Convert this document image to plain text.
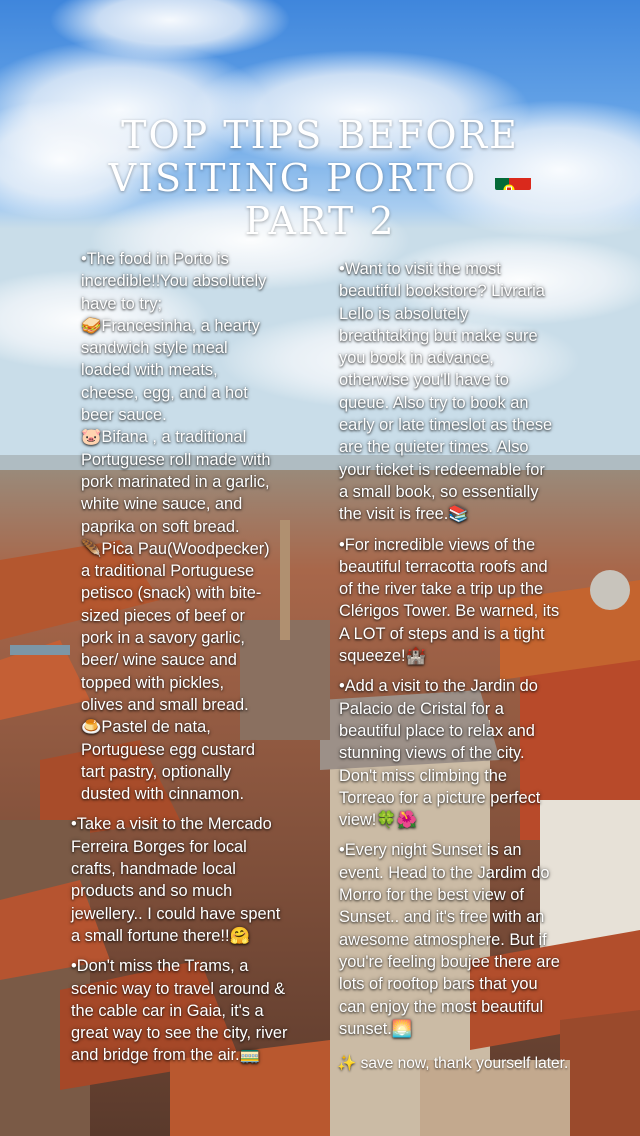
TOP TIPS BEFORE
VISITING PORTO
PART 2

•The food in Porto is
incredible!!You absolutely
have to try;
🥪Francesinha, a hearty
sandwich style meal
loaded with meats,
cheese, egg, and a hot
beer sauce.
🐷Bifana , a traditional
Portuguese roll made with
pork marinated in a garlic,
white wine sauce, and
paprika on soft bread.
🪶Pica Pau(Woodpecker)
a traditional Portuguese
petisco (snack) with bite-
sized pieces of beef or
pork in a savory garlic,
beer/ wine sauce and
topped with pickles,
olives and small bread.
🍮Pastel de nata,
Portuguese egg custard
tart pastry, optionally
dusted with cinnamon.

•Take a visit to the Mercado
Ferreira Borges for local
crafts, handmade local
products and so much
jewellery.. I could have spent
a small fortune there!!🤗

•Don't miss the Trams, a
scenic way to travel around &
the cable car in Gaia, it's a
great way to see the city, river
and bridge from the air.🚃

•Want to visit the most
beautiful bookstore? Livraria
Lello is absolutely
breathtaking but make sure
you book in advance,
otherwise you'll have to
queue. Also try to book an
early or late timeslot as these
are the quieter times. Also
your ticket is redeemable for
a small book, so essentially
the visit is free.📚

•For incredible views of the
beautiful terracotta roofs and
of the river take a trip up the
Clérigos Tower. Be warned, its
A LOT of steps and is a tight
squeeze!🏰

•Add a visit to the Jardin do
Palacio de Cristal for a
beautiful place to relax and
stunning views of the city.
Don't miss climbing the
Torreao for a picture perfect
view!🍀🌺

•Every night Sunset is an
event. Head to the Jardim do
Morro for the best view of
Sunset.. and it's free with an
awesome atmosphere. But if
you're feeling boujee there are
lots of rooftop bars that you
can enjoy the most beautiful
sunset.🌅

✨ save now, thank yourself later.
